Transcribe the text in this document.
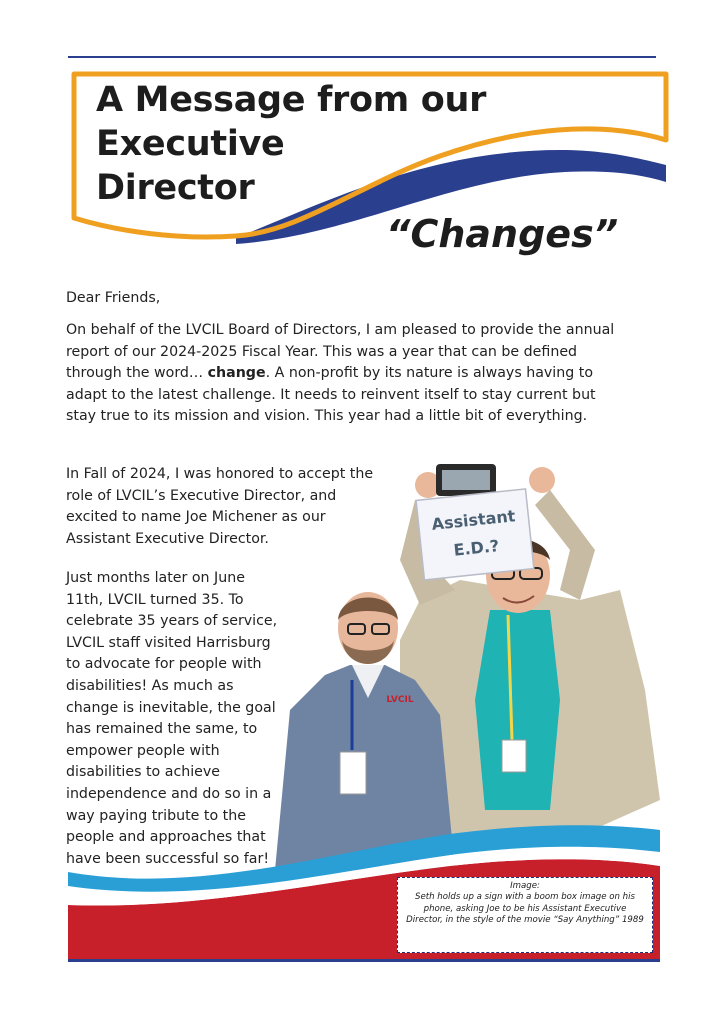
A Message from our
Executive
Director
“Changes”

Dear Friends,

On behalf of the LVCIL Board of Directors, I am pleased to provide the annual report of our 2024-2025 Fiscal Year. This was a year that can be defined through the word… change. A non-profit by its nature is always having to adapt to the latest challenge. It needs to reinvent itself to stay current but stay true to its mission and vision. This year had a little bit of everything.

In Fall of 2024, I was honored to accept the role of LVCIL’s Executive Director, and excited to name Joe Michener as our Assistant Executive Director.

Assistant
E.D.?
LVCIL

Just months later on June 11th, LVCIL turned 35. To celebrate 35 years of service, LVCIL staff visited Harrisburg to advocate for people with disabilities! As much as change is inevitable, the goal has remained the same, to empower people with disabilities to achieve independence and do so in a way paying tribute to the people and approaches that have been successful so far!

Image:
Seth holds up a sign with a boom box image on his phone, asking Joe to be his Assistant Executive Director, in the style of the movie “Say Anything” 1989
